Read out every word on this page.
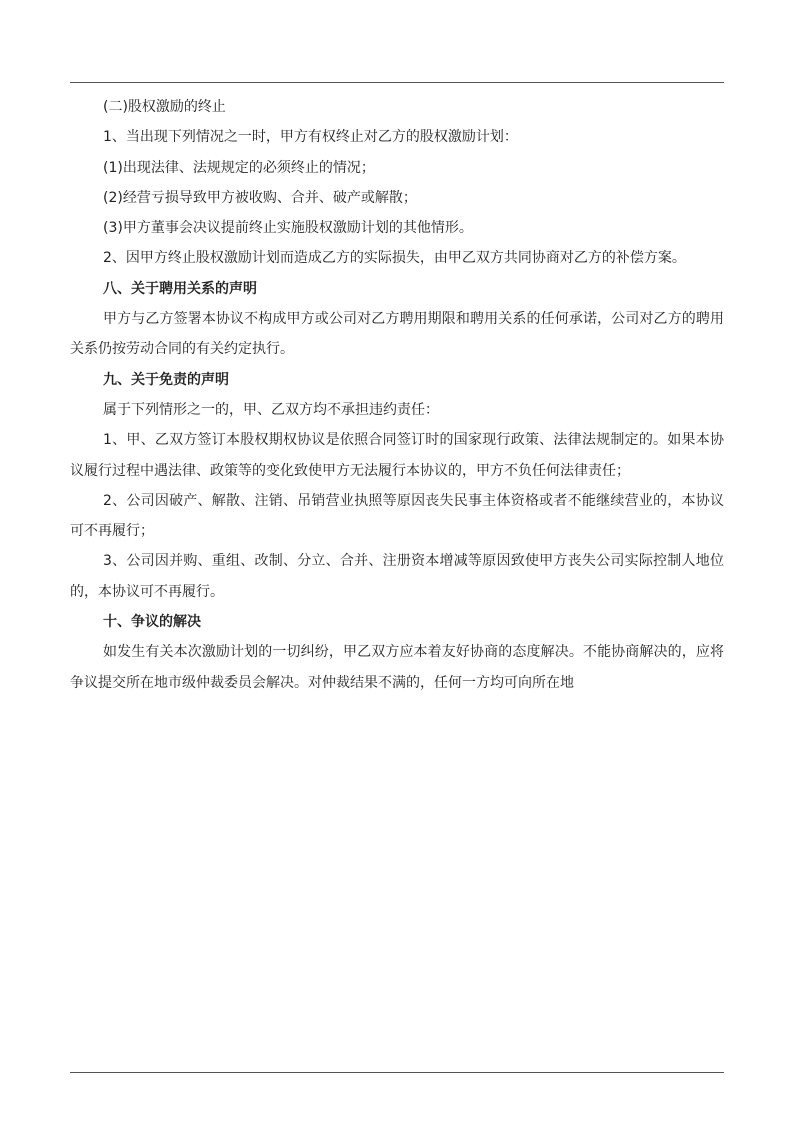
(二)股权激励的终止

1、当出现下列情况之一时，甲方有权终止对乙方的股权激励计划：

(1)出现法律、法规规定的必须终止的情况；

(2)经营亏损导致甲方被收购、合并、破产或解散；

(3)甲方董事会决议提前终止实施股权激励计划的其他情形。

2、因甲方终止股权激励计划而造成乙方的实际损失，由甲乙双方共同协商对乙方的补偿方案。

八、关于聘用关系的声明

甲方与乙方签署本协议不构成甲方或公司对乙方聘用期限和聘用关系的任何承诺，公司对乙方的聘用关系仍按劳动合同的有关约定执行。

九、关于免责的声明

属于下列情形之一的，甲、乙双方均不承担违约责任：

1、甲、乙双方签订本股权期权协议是依照合同签订时的国家现行政策、法律法规制定的。如果本协议履行过程中遇法律、政策等的变化致使甲方无法履行本协议的，甲方不负任何法律责任；

2、公司因破产、解散、注销、吊销营业执照等原因丧失民事主体资格或者不能继续营业的，本协议可不再履行；

3、公司因并购、重组、改制、分立、合并、注册资本增减等原因致使甲方丧失公司实际控制人地位的，本协议可不再履行。

十、争议的解决

如发生有关本次激励计划的一切纠纷，甲乙双方应本着友好协商的态度解决。不能协商解决的，应将争议提交所在地市级仲裁委员会解决。对仲裁结果不满的，任何一方均可向所在地
